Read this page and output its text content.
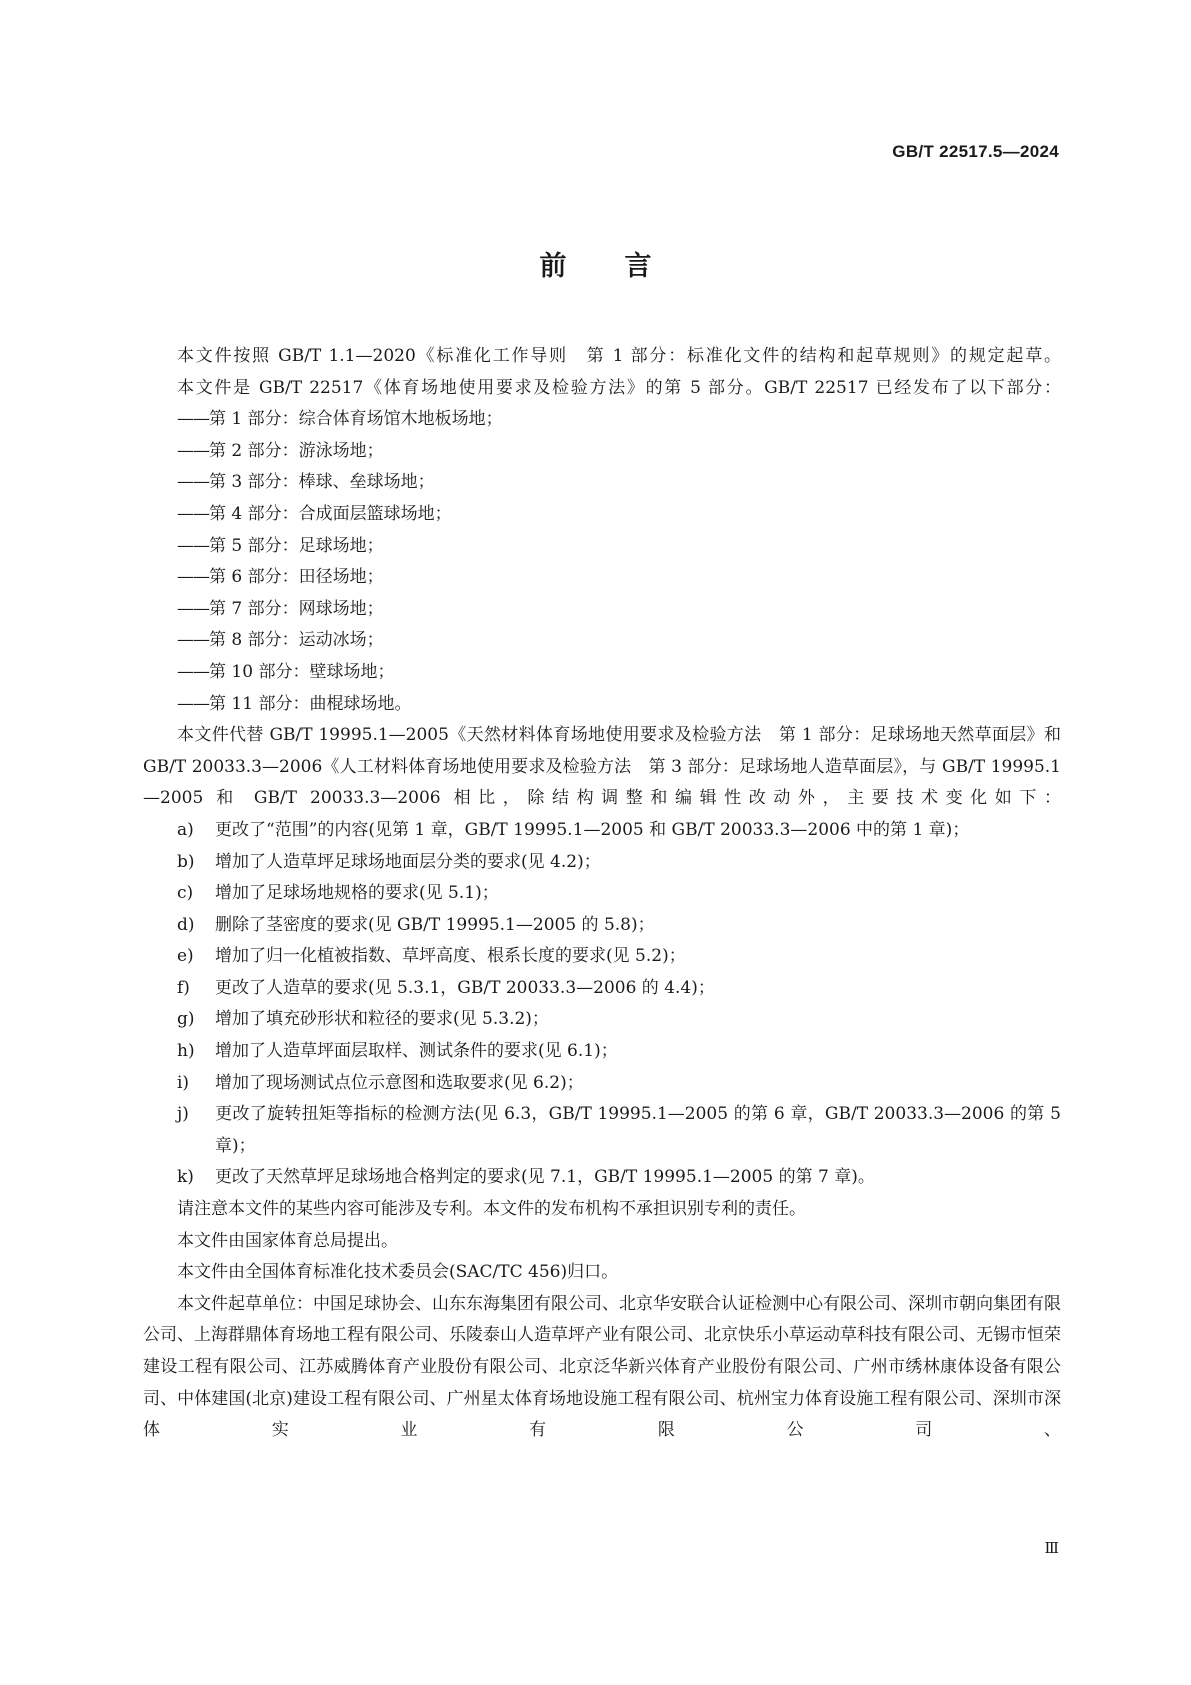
GB/T 22517.5—2024
前言

本文件按照 GB/T 1.1—2020《标准化工作导则　第 1 部分：标准化文件的结构和起草规则》的规定起草。

本文件是 GB/T 22517《体育场地使用要求及检验方法》的第 5 部分。GB/T 22517 已经发布了以下部分：

——第 1 部分：综合体育场馆木地板场地；

——第 2 部分：游泳场地；

——第 3 部分：棒球、垒球场地；

——第 4 部分：合成面层篮球场地；

——第 5 部分：足球场地；

——第 6 部分：田径场地；

——第 7 部分：网球场地；

——第 8 部分：运动冰场；

——第 10 部分：壁球场地；

——第 11 部分：曲棍球场地。

本文件代替 GB/T 19995.1—2005《天然材料体育场地使用要求及检验方法　第 1 部分：足球场地天然草面层》和 GB/T 20033.3—2006《人工材料体育场地使用要求及检验方法　第 3 部分：足球场地人造草面层》，与 GB/T 19995.1—2005 和 GB/T 20033.3—2006 相比，除结构调整和编辑性改动外，主要技术变化如下：

a) 更改了“范围”的内容(见第 1 章，GB/T 19995.1—2005 和 GB/T 20033.3—2006 中的第 1 章)；

b) 增加了人造草坪足球场地面层分类的要求(见 4.2)；

c) 增加了足球场地规格的要求(见 5.1)；

d) 删除了茎密度的要求(见 GB/T 19995.1—2005 的 5.8)；

e) 增加了归一化植被指数、草坪高度、根系长度的要求(见 5.2)；

f) 更改了人造草的要求(见 5.3.1，GB/T 20033.3—2006 的 4.4)；

g) 增加了填充砂形状和粒径的要求(见 5.3.2)；

h) 增加了人造草坪面层取样、测试条件的要求(见 6.1)；

i) 增加了现场测试点位示意图和选取要求(见 6.2)；

j) 更改了旋转扭矩等指标的检测方法(见 6.3，GB/T 19995.1—2005 的第 6 章，GB/T 20033.3—2006 的第 5 章)；

k) 更改了天然草坪足球场地合格判定的要求(见 7.1，GB/T 19995.1—2005 的第 7 章)。

请注意本文件的某些内容可能涉及专利。本文件的发布机构不承担识别专利的责任。

本文件由国家体育总局提出。

本文件由全国体育标准化技术委员会(SAC/TC 456)归口。

本文件起草单位：中国足球协会、山东东海集团有限公司、北京华安联合认证检测中心有限公司、深圳市朝向集团有限公司、上海群鼎体育场地工程有限公司、乐陵泰山人造草坪产业有限公司、北京快乐小草运动草科技有限公司、无锡市恒荣建设工程有限公司、江苏威腾体育产业股份有限公司、北京泛华新兴体育产业股份有限公司、广州市绣林康体设备有限公司、中体建国(北京)建设工程有限公司、广州星太体育场地设施工程有限公司、杭州宝力体育设施工程有限公司、深圳市深体实业有限公司、

Ⅲ
